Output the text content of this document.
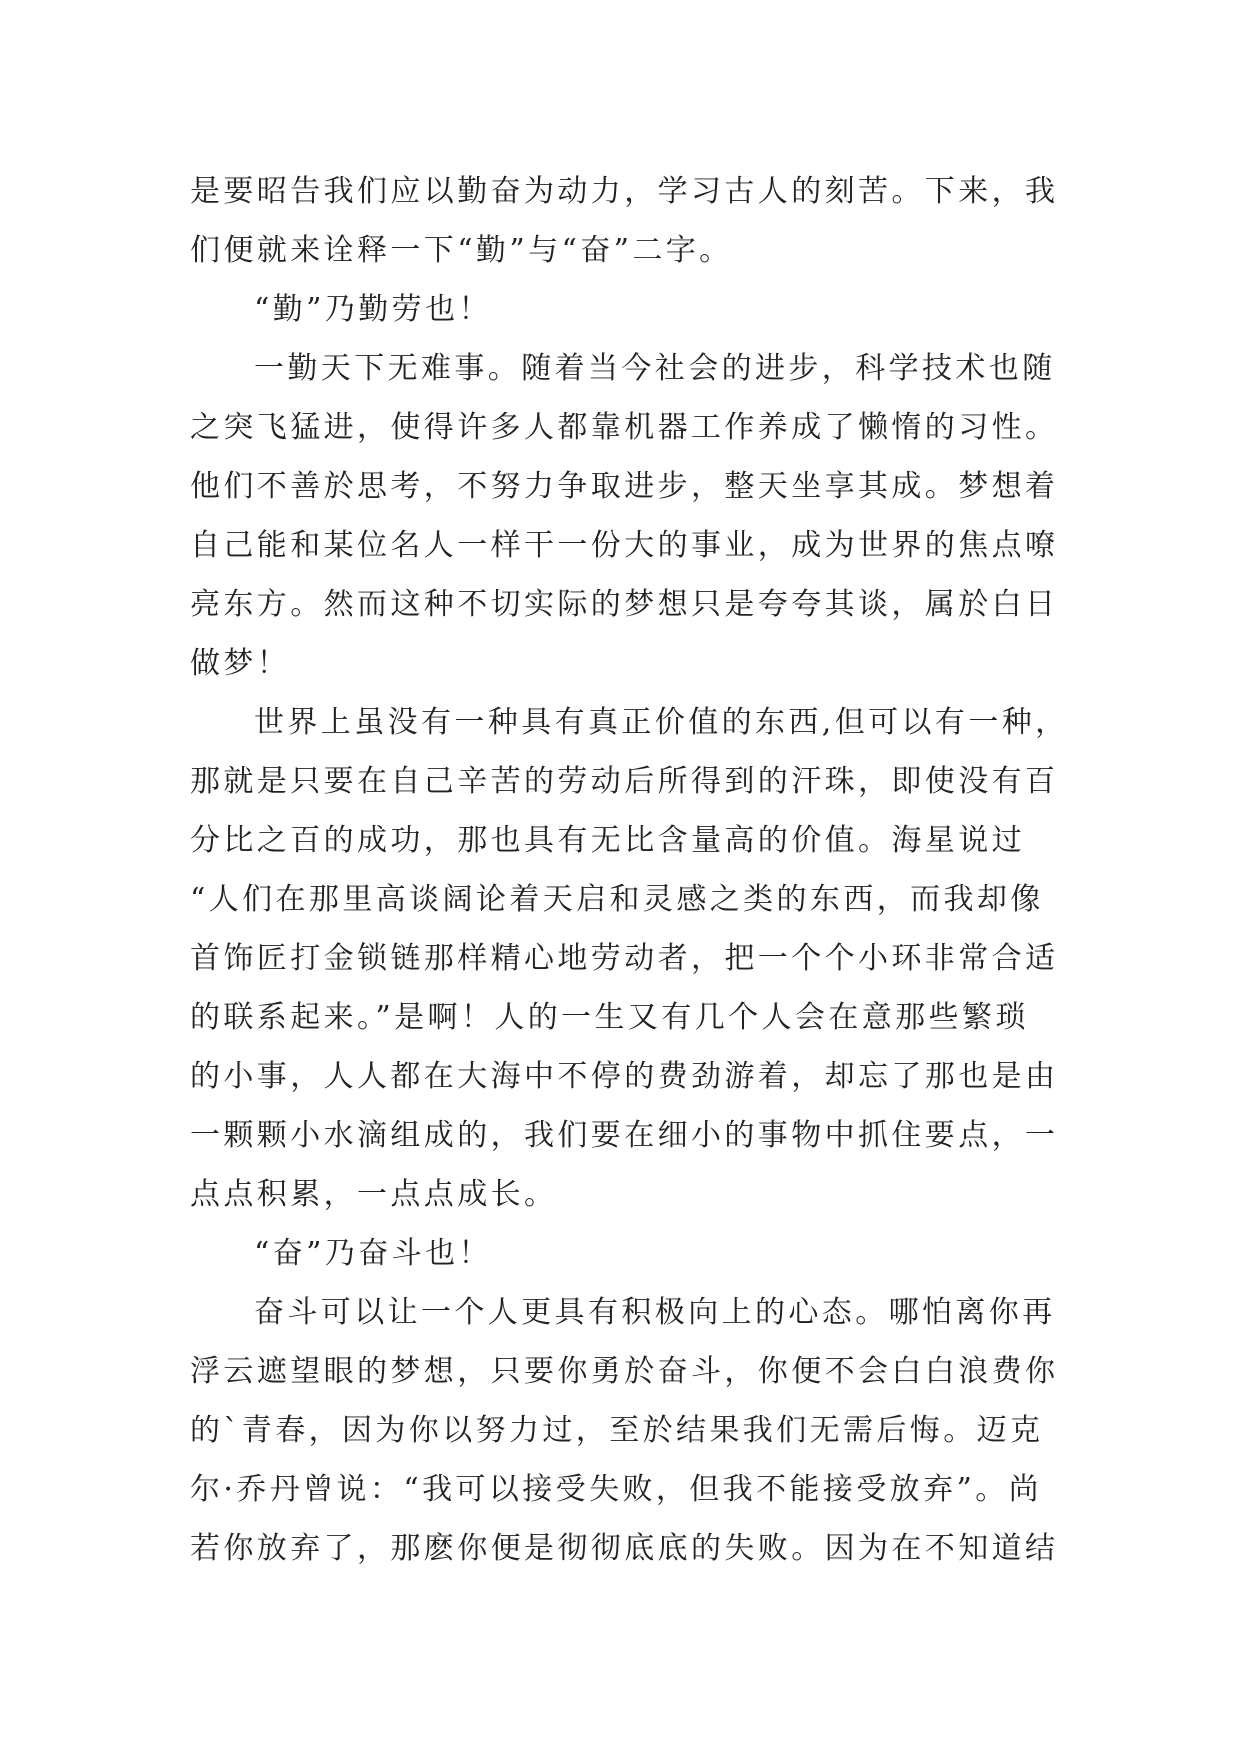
是要昭告我们应以勤奋为动力，学习古人的刻苦。下来，我
们便就来诠释一下“勤”与“奋”二字。
“勤”乃勤劳也！
一勤天下无难事。随着当今社会的进步，科学技术也随
之突飞猛进，使得许多人都靠机器工作养成了懒惰的习性。
他们不善於思考，不努力争取进步，整天坐享其成。梦想着
自己能和某位名人一样干一份大的事业，成为世界的焦点嘹
亮东方。然而这种不切实际的梦想只是夸夸其谈，属於白日
做梦！
世界上虽没有一种具有真正价值的东西,但可以有一种，
那就是只要在自己辛苦的劳动后所得到的汗珠，即使没有百
分比之百的成功，那也具有无比含量高的价值。海星说过
“人们在那里高谈阔论着天启和灵感之类的东西，而我却像
首饰匠打金锁链那样精心地劳动者，把一个个小环非常合适
的联系起来。”是啊！人的一生又有几个人会在意那些繁琐
的小事，人人都在大海中不停的费劲游着，却忘了那也是由
一颗颗小水滴组成的，我们要在细小的事物中抓住要点，一
点点积累，一点点成长。
“奋”乃奋斗也！
奋斗可以让一个人更具有积极向上的心态。哪怕离你再
浮云遮望眼的梦想，只要你勇於奋斗，你便不会白白浪费你
的`青春，因为你以努力过，至於结果我们无需后悔。迈克
尔·乔丹曾说：“我可以接受失败，但我不能接受放弃”。尚
若你放弃了，那麽你便是彻彻底底的失败。因为在不知道结
